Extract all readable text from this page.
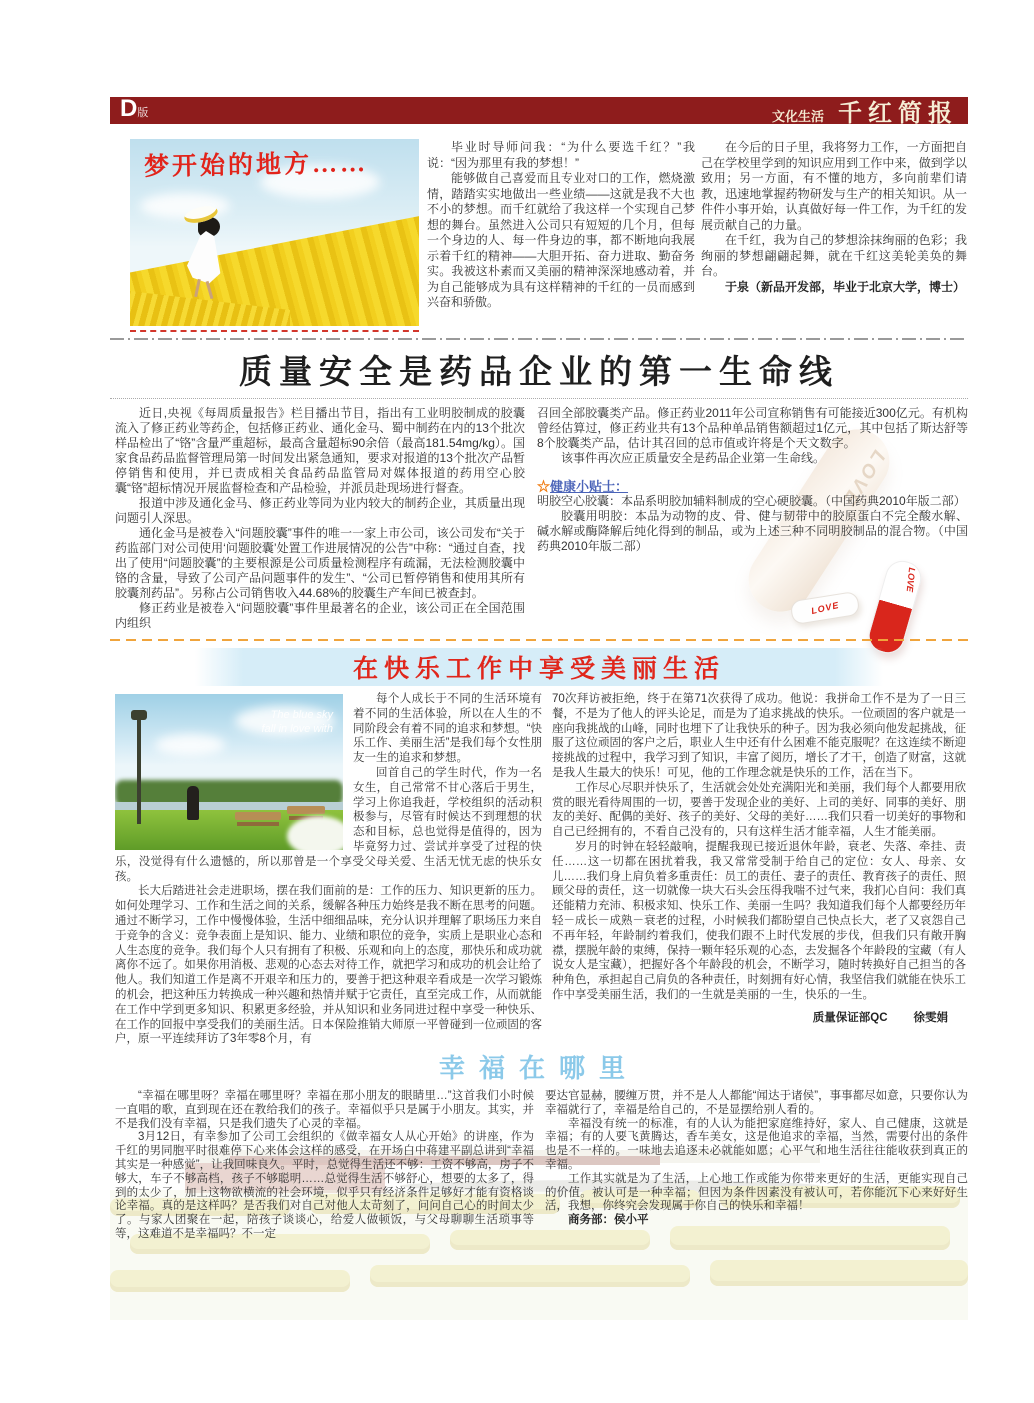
D版	文化生活 千红简报
梦开始的地方……

毕业时导师问我：“为什么要选千红？”我说：“因为那里有我的梦想！”

能够做自己喜爱而且专业对口的工作，燃烧激情，踏踏实实地做出一些业绩——这就是我不大也不小的梦想。而千红就给了我这样一个实现自己梦想的舞台。虽然进入公司只有短短的几个月，但每一个身边的人、每一件身边的事，都不断地向我展示着千红的精神——大胆开拓、奋力进取、勤奋务实。我被这朴素而又美丽的精神深深地感动着，并为自己能够成为具有这样精神的千红的一员而感到兴奋和骄傲。

在今后的日子里，我将努力工作，一方面把自己在学校里学到的知识应用到工作中来，做到学以致用；另一方面，有不懂的地方，多向前辈们请教，迅速地掌握药物研发与生产的相关知识。从一件件小事开始，认真做好每一件工作，为千红的发展贡献自己的力量。

在千红，我为自己的梦想涂抹绚丽的色彩；我绚丽的梦想翩翩起舞，就在千红这美轮美奂的舞台。

于泉（新品开发部，毕业于北京大学，博士）

质量安全是药品企业的第一生命线

近日,央视《每周质量报告》栏目播出节目，指出有工业明胶制成的胶囊流入了修正药业等药企，包括修正药业、通化金马、蜀中制药在内的13个批次样品检出了“铬”含量严重超标，最高含量超标90余倍（最高181.54mg/kg）。国家食品药品监督管理局第一时间发出紧急通知，要求对报道的13个批次产品暂停销售和使用，并已责成相关食品药品监管局对媒体报道的药用空心胶囊“铬”超标情况开展监督检查和产品检验，并派员赴现场进行督查。

报道中涉及通化金马、修正药业等同为业内较大的制药企业，其质量出现问题引人深思。

通化金马是被卷入“问题胶囊”事件的唯一一家上市公司，该公司发布“关于药监部门对公司使用‘问题胶囊’处置工作进展情况的公告”中称：“通过自查，找出了使用“问题胶囊”的主要根源是公司质量检测程序有疏漏，无法检测胶囊中铬的含量，导致了公司产品问题事件的发生”、“公司已暂停销售和使用其所有胶囊剂药品”。另称占公司销售收入44.68%的胶囊生产车间已被查封。

修正药业是被卷入“问题胶囊”事件里最著名的企业，该公司正在全国范围内组织

LOVE
LOVE
LOVE

召回全部胶囊类产品。修正药业2011年公司宣称销售有可能接近300亿元。有机构曾经估算过，修正药业共有13个品种单品销售额超过1亿元，其中包括了斯达舒等8个胶囊类产品，估计其召回的总市值或许将是个天文数字。

该事件再次应正质量安全是药品企业第一生命线。

☆健康小贴士：

明胶空心胶囊：本品系明胶加辅料制成的空心硬胶囊。（中国药典2010年版二部）

胶囊用明胶：本品为动物的皮、骨、健与韧带中的胶原蛋白不完全酸水解、碱水解或酶降解后纯化得到的制品，或为上述三种不同明胶制品的混合物。（中国药典2010年版二部）

在快乐工作中享受美丽生活
The blue sky
fall in love with

每个人成长于不同的生活环境有着不同的生活体验，所以在人生的不同阶段会有着不同的追求和梦想。“快乐工作、美丽生活”是我们每个女性朋友一生的追求和梦想。

回首自己的学生时代，作为一名女生，自己常常不甘心落后于男生，学习上你追我赶，学校组织的活动积极参与，尽管有时候达不到理想的状态和目标，总也觉得是值得的，因为毕竟努力过、尝试并享受了过程的快乐，没觉得有什么遗憾的，所以那曾是一个享受父母关爱、生活无忧无虑的快乐女孩。

长大后踏进社会走进职场，摆在我们面前的是：工作的压力、知识更新的压力。如何处理学习、工作和生活之间的关系，缓解各种压力始终是我不断在思考的问题。通过不断学习，工作中慢慢体验，生活中细细品味，充分认识并理解了职场压力来自于竞争的含义：竞争表面上是知识、能力、业绩和职位的竞争，实质上是职业心态和人生态度的竞争。我们每个人只有拥有了积极、乐观和向上的态度，那快乐和成功就离你不远了。如果你用消极、悲观的心态去对待工作，就把学习和成功的机会让给了他人。我们知道工作是离不开艰辛和压力的，要善于把这种艰辛看成是一次学习锻炼的机会，把这种压力转换成一种兴趣和热情并赋于它责任，直至完成工作，从而就能在工作中学到更多知识、积累更多经验，并从知识和业务同进过程中享受一种快乐、在工作的回报中享受我们的美丽生活。日本保险推销大师原一平曾碰到一位顽固的客户，原一平连续拜访了3年零8个月，有

70次拜访被拒绝，终于在第71次获得了成功。他说：我拼命工作不是为了一日三餐，不是为了他人的评头论足，而是为了追求挑战的快乐。一位顽固的客户就是一座向我挑战的山峰，同时也埋下了让我快乐的种子。因为我必须向他发起挑战，征服了这位顽固的客户之后，职业人生中还有什么困难不能克服呢？在这连续不断迎接挑战的过程中，我学习到了知识，丰富了阅历，增长了才干，创造了财富，这就是我人生最大的快乐！可见，他的工作理念就是快乐的工作，活在当下。

工作尽心尽职并快乐了，生活就会处处充满阳光和美丽，我们每个人都要用欣赏的眼光看待周围的一切，要善于发现企业的美好、上司的美好、同事的美好、朋友的美好、配偶的美好、孩子的美好、父母的美好……我们只看一切美好的事物和自己已经拥有的，不看自己没有的，只有这样生活才能幸福，人生才能美丽。

岁月的时钟在轻轻敲响，提醒我现已接近退休年龄，衰老、失落、牵挂、责任……这一切都在困扰着我，我又常常受制于给自己的定位：女人、母亲、女儿……我们身上肩负着多重责任：员工的责任、妻子的责任、教育孩子的责任、照顾父母的责任，这一切就像一块大石头会压得我喘不过气来，我扪心自问：我们真还能精力充沛、积极求知、快乐工作、美丽一生吗？我知道我们每个人都要经历年轻－成长－成熟－衰老的过程，小时候我们都盼望自己快点长大，老了又哀怨自己不再年轻，年龄制约着我们，使我们跟不上时代发展的步伐，但我们只有敞开胸襟，摆脱年龄的束缚，保持一颗年轻乐观的心态，去发掘各个年龄段的宝藏（有人说女人是宝藏），把握好各个年龄段的机会，不断学习，随时转换好自己担当的各种角色，承担起自己肩负的各种责任，时刻拥有好心情，我坚信我们就能在快乐工作中享受美丽生活，我们的一生就是美丽的一生，快乐的一生。

质量保证部QC 徐雯娟
幸福在哪里

“幸福在哪里呀？幸福在哪里呀？幸福在那小朋友的眼睛里…”这首我们小时候一直唱的歌，直到现在还在教给我们的孩子。幸福似乎只是属于小朋友。其实，并不是我们没有幸福，只是我们遗失了心灵的幸福。

3月12日，有幸参加了公司工会组织的《做幸福女人从心开始》的讲座，作为千红的男同胞平时很难停下心来体会这样的感受，在开场白中蒋建平副总讲到“幸福其实是一种感觉”，让我回味良久。平时，总觉得生活还不够：工资不够高，房子不够大，车子不够高档，孩子不够聪明……总觉得生活不够舒心，想要的太多了，得到的太少了，加上这物欲横流的社会环境，似乎只有经济条件足够好才能有资格谈论幸福。真的是这样吗？是否我们对自己对他人太苛刻了，问问自己心的时间太少了。与家人团聚在一起，陪孩子谈谈心，给爱人做顿饭，与父母聊聊生活琐事等等，这难道不是幸福吗？不一定

要达官显赫，腰缠万贯，并不是人人都能“闻达于诸侯”，事事都尽如意，只要你认为幸福就行了，幸福是给自己的，不是显摆给别人看的。

幸福没有统一的标准，有的人认为能把家庭维持好，家人、自己健康，这就是幸福；有的人要飞黄腾达，香车美女，这是他追求的幸福，当然，需要付出的条件也是不一样的。一味地去追逐未必就能如愿；心平气和地生活往往能收获到真正的幸福。

工作其实就是为了生活，上心地工作或能为你带来更好的生活，更能实现自己的价值。被认可是一种幸福；但因为条件因素没有被认可，若你能沉下心来好好生活，我想，你终究会发现属于你自己的快乐和幸福！

商务部：侯小平
